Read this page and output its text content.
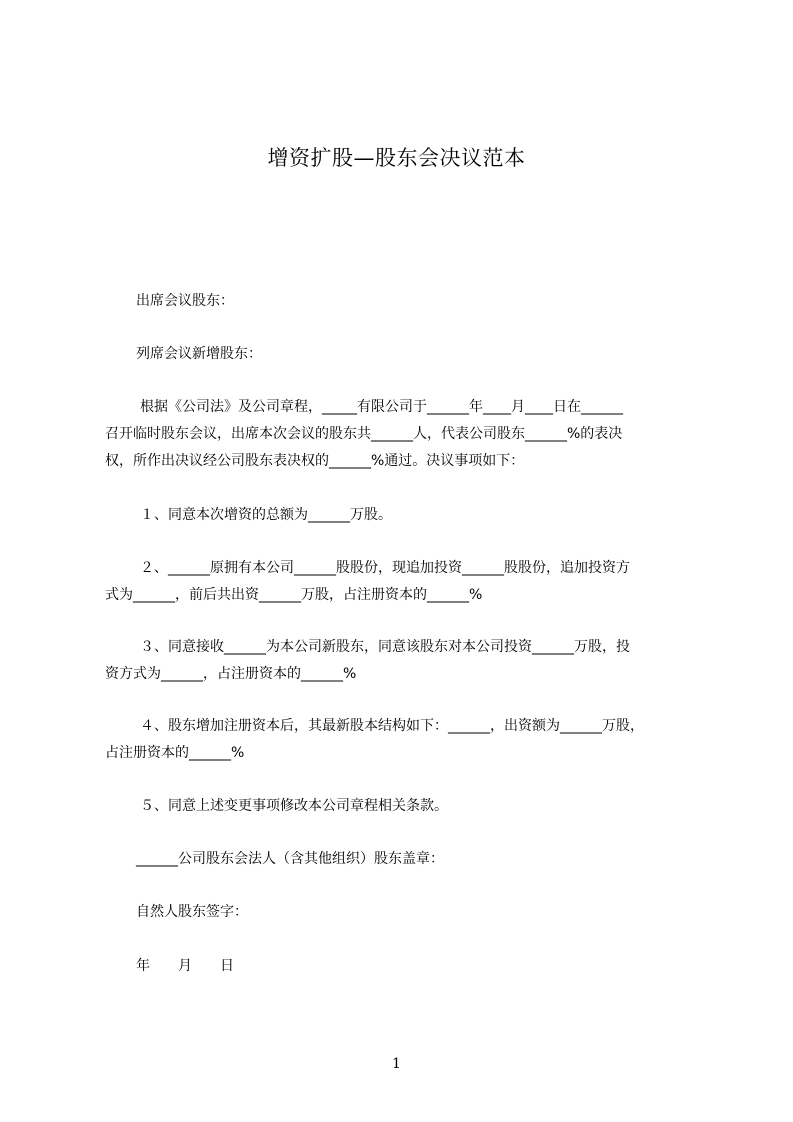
增资扩股—股东会决议范本
出席会议股东：
列席会议新增股东：
根据《公司法》及公司章程，_____有限公司于______年____月____日在______
召开临时股东会议，出席本次会议的股东共______人，代表公司股东______%的表决
权，所作出决议经公司股东表决权的______%通过。决议事项如下：
１、同意本次增资的总额为______万股。
２、______原拥有本公司______股股份，现追加投资______股股份，追加投资方
式为______，前后共出资______万股，占注册资本的______%
３、同意接收______为本公司新股东，同意该股东对本公司投资______万股，投
资方式为______，占注册资本的______%
４、股东增加注册资本后，其最新股本结构如下：______，出资额为______万股，
占注册资本的______%
５、同意上述变更事项修改本公司章程相关条款。
______公司股东会法人（含其他组织）股东盖章：
自然人股东签字：
年　　月　　日
1
